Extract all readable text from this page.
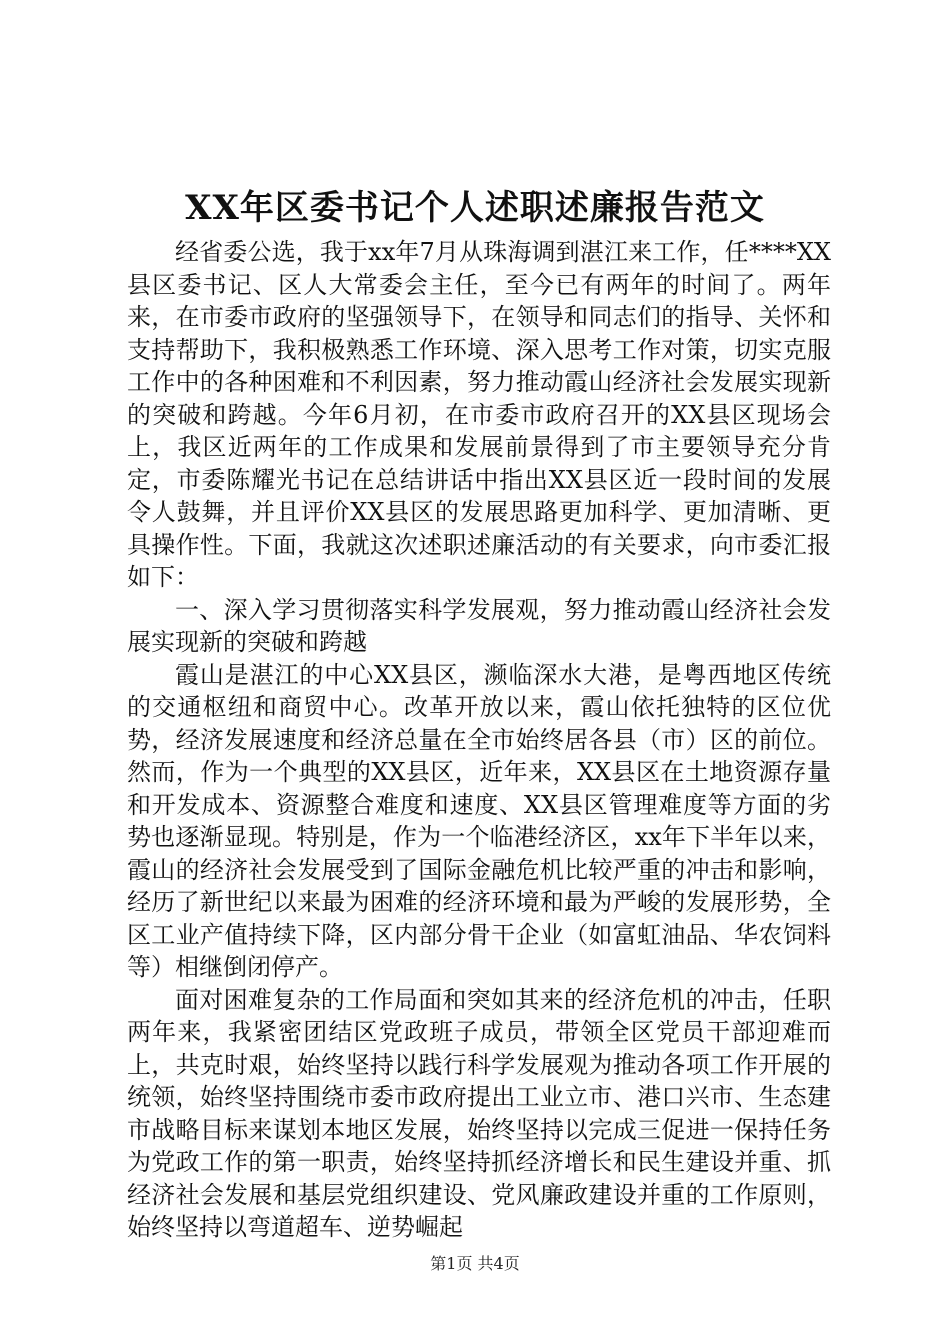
XX年区委书记个人述职述廉报告范文

经省委公选，我于xx年7月从珠海调到湛江来工作，任****XX县区委书记、区人大常委会主任，至今已有两年的时间了。两年来，在市委市政府的坚强领导下，在领导和同志们的指导、关怀和支持帮助下，我积极熟悉工作环境、深入思考工作对策，切实克服工作中的各种困难和不利因素，努力推动霞山经济社会发展实现新的突破和跨越。今年6月初，在市委市政府召开的XX县区现场会上，我区近两年的工作成果和发展前景得到了市主要领导充分肯定，市委陈耀光书记在总结讲话中指出XX县区近一段时间的发展令人鼓舞，并且评价XX县区的发展思路更加科学、更加清晰、更具操作性。下面，我就这次述职述廉活动的有关要求，向市委汇报如下：

一、深入学习贯彻落实科学发展观，努力推动霞山经济社会发展实现新的突破和跨越

霞山是湛江的中心XX县区，濒临深水大港，是粤西地区传统的交通枢纽和商贸中心。改革开放以来，霞山依托独特的区位优势，经济发展速度和经济总量在全市始终居各县（市）区的前位。然而，作为一个典型的XX县区，近年来，XX县区在土地资源存量和开发成本、资源整合难度和速度、XX县区管理难度等方面的劣势也逐渐显现。特别是，作为一个临港经济区，xx年下半年以来，霞山的经济社会发展受到了国际金融危机比较严重的冲击和影响，经历了新世纪以来最为困难的经济环境和最为严峻的发展形势，全区工业产值持续下降，区内部分骨干企业（如富虹油品、华农饲料等）相继倒闭停产。

面对困难复杂的工作局面和突如其来的经济危机的冲击，任职两年来，我紧密团结区党政班子成员，带领全区党员干部迎难而上，共克时艰，始终坚持以践行科学发展观为推动各项工作开展的统领，始终坚持围绕市委市政府提出工业立市、港口兴市、生态建市战略目标来谋划本地区发展，始终坚持以完成三促进一保持任务为党政工作的第一职责，始终坚持抓经济增长和民生建设并重、抓经济社会发展和基层党组织建设、党风廉政建设并重的工作原则，始终坚持以弯道超车、逆势崛起

第1页 共4页
